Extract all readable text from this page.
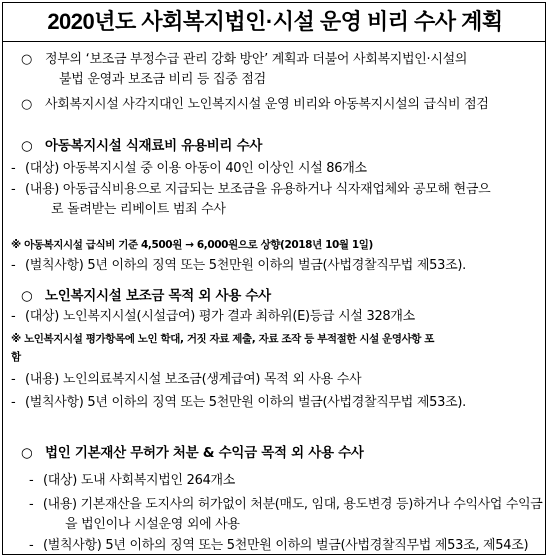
2020년도 사회복지법인·시설 운영 비리 수사 계획
○ 정부의 ‘보조금 부정수급 관리 강화 방안’ 계획과 더불어 사회복지법인·시설의
불법 운영과 보조금 비리 등 집중 점검
○ 사회복지시설 사각지대인 노인복지시설 운영 비리와 아동복지시설의 급식비 점검
○ 아동복지시설 식재료비 유용비리 수사
- (대상) 아동복지시설 중 이용 아동이 40인 이상인 시설 86개소
- (내용) 아동급식비용으로 지급되는 보조금을 유용하거나 식자재업체와 공모해 현금으
로 돌려받는 리베이트 범죄 수사
※ 아동복지시설 급식비 기준 4,500원 → 6,000원으로 상향(2018년 10월 1일)
- (벌칙사항) 5년 이하의 징역 또는 5천만원 이하의 벌금(사법경찰직무법 제53조).
○ 노인복지시설 보조금 목적 외 사용 수사
- (대상) 노인복지시설(시설급여) 평가 결과 최하위(E)등급 시설 328개소
※ 노인복지시설 평가항목에 노인 학대, 거짓 자료 제출, 자료 조작 등 부적절한 시설 운영사항 포
함
- (내용) 노인의료복지시설 보조금(생계급여) 목적 외 사용 수사
- (벌칙사항) 5년 이하의 징역 또는 5천만원 이하의 벌금(사법경찰직무법 제53조).
○ 법인 기본재산 무허가 처분 & 수익금 목적 외 사용 수사
- (대상) 도내 사회복지법인 264개소
- (내용) 기본재산을 도지사의 허가없이 처분(매도, 임대, 용도변경 등)하거나 수익사업 수익금
을 법인이나 시설운영 외에 사용
- (벌칙사항) 5년 이하의 징역 또는 5천만원 이하의 벌금(사법경찰직무법 제53조, 제54조)
